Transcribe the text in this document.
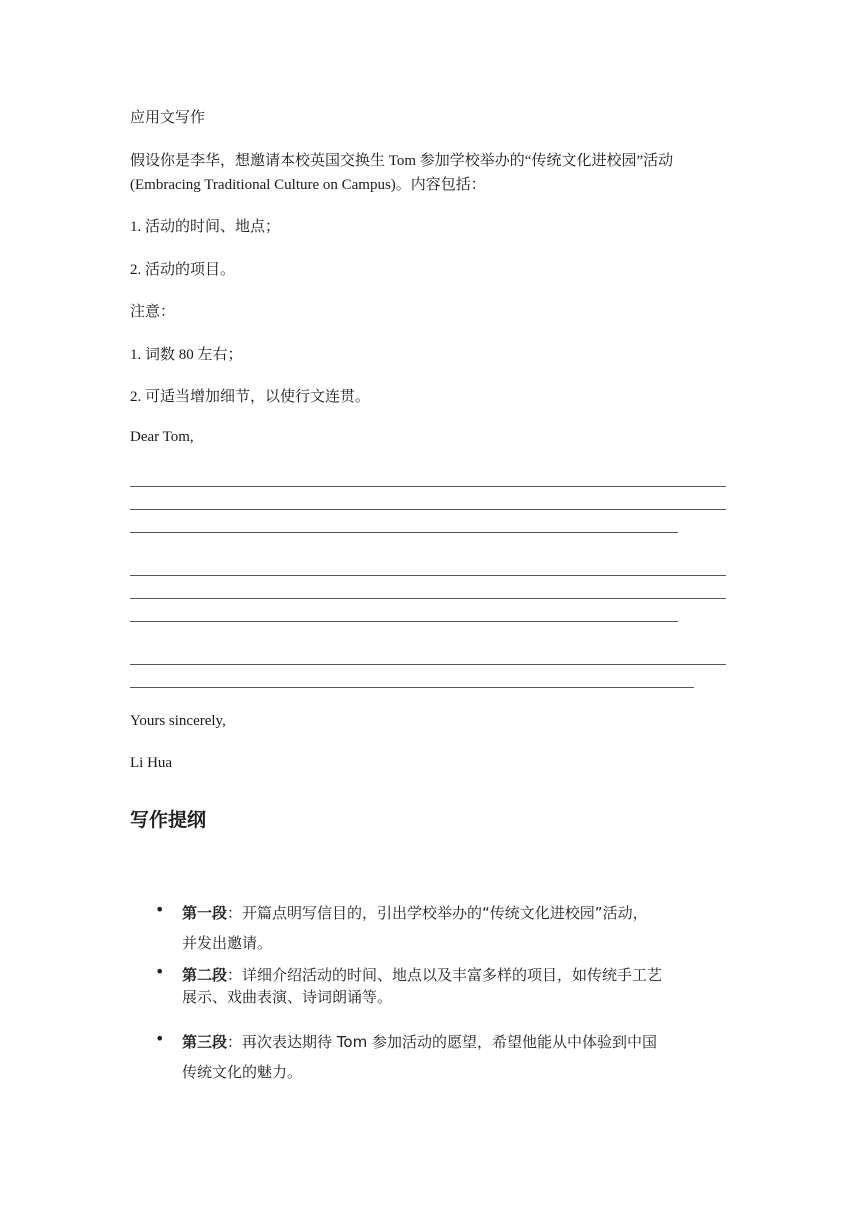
应用文写作
假设你是李华，想邀请本校英国交换生 Tom 参加学校举办的“传统文化进校园”活动
(Embracing Traditional Culture on Campus)。内容包括：
1. 活动的时间、地点；
2. 活动的项目。
注意：
1. 词数 80 左右；
2. 可适当增加细节，以使行文连贯。
Dear Tom,
Yours sincerely,
Li Hua
写作提纲
• 第一段：开篇点明写信目的，引出学校举办的“传统文化进校园”活动，
并发出邀请。
• 第二段：详细介绍活动的时间、地点以及丰富多样的项目，如传统手工艺
展示、戏曲表演、诗词朗诵等。
• 第三段：再次表达期待 Tom 参加活动的愿望，希望他能从中体验到中国
传统文化的魅力。
